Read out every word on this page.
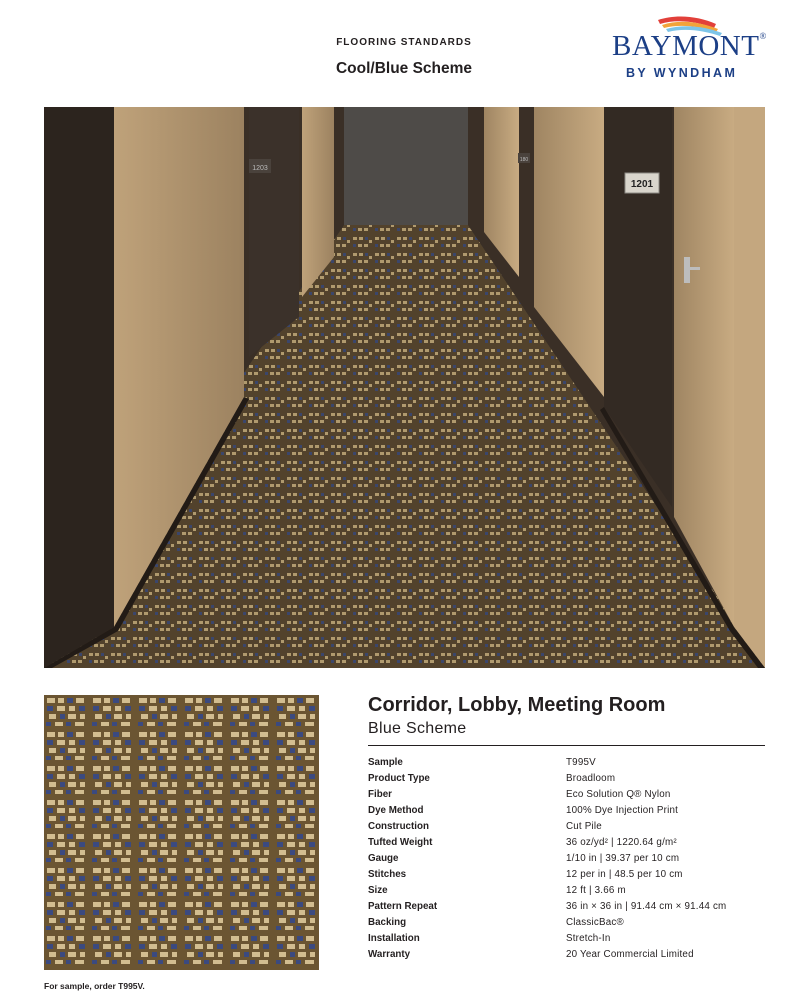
FLOORING STANDARDS
Cool/Blue Scheme
BAYMONT®
BY WYNDHAM
1201
1203
180
For sample, order T995V.
Corridor, Lobby, Meeting Room
Blue Scheme
Sample	T995V
Product Type	Broadloom
Fiber	Eco Solution Q® Nylon
Dye Method	100% Dye Injection Print
Construction	Cut Pile
Tufted Weight	36 oz/yd² | 1220.64 g/m²
Gauge	1/10 in | 39.37 per 10 cm
Stitches	12 per in | 48.5 per 10 cm
Size	12 ft | 3.66 m
Pattern Repeat	36 in × 36 in | 91.44 cm × 91.44 cm
Backing	ClassicBac®
Installation	Stretch-In
Warranty	20 Year Commercial Limited
